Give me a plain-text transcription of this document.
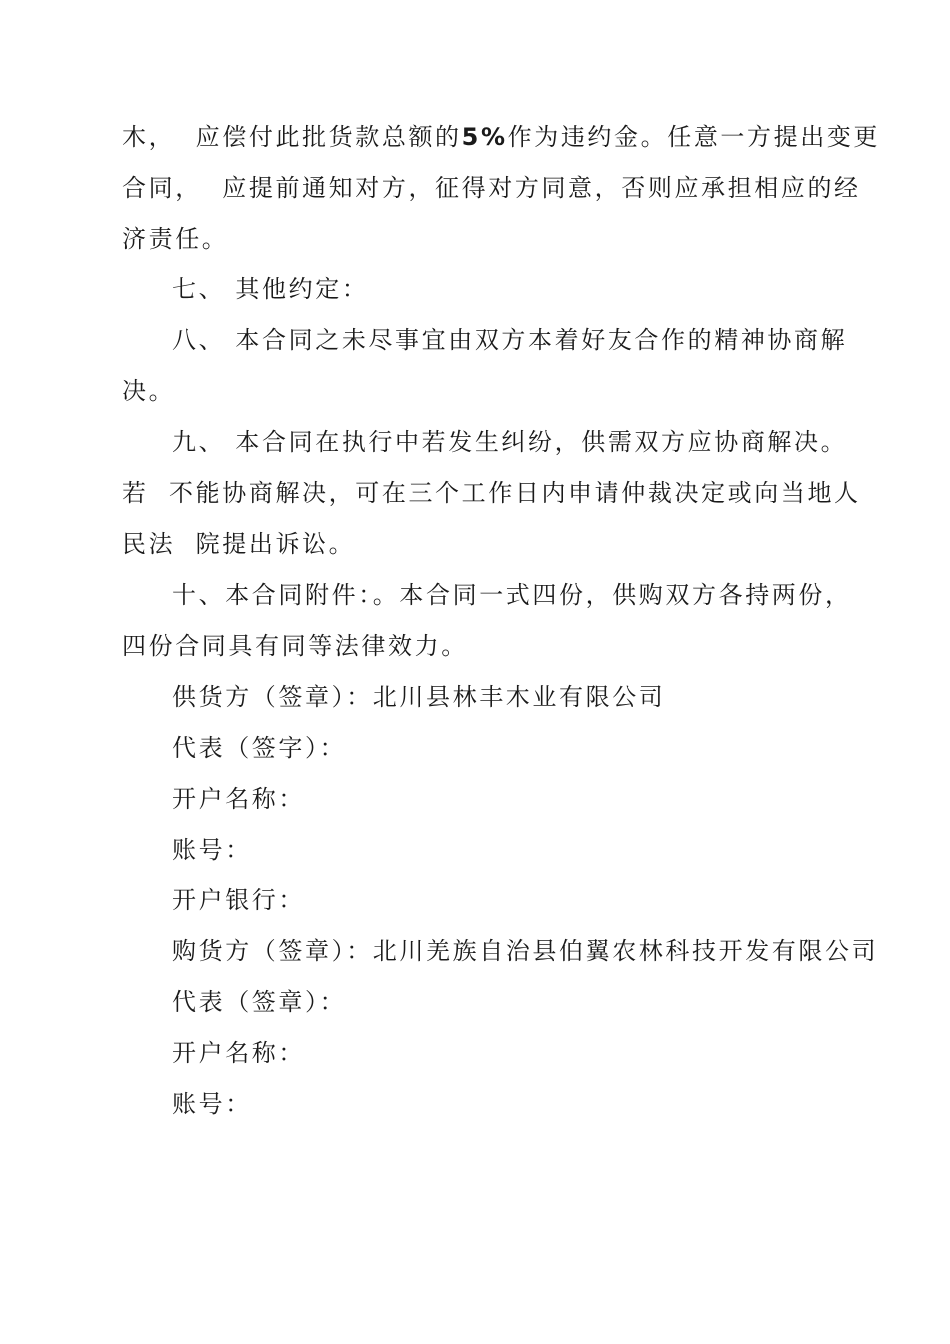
木，  应偿付此批货款总额的5%作为违约金。任意一方提出变更
合同，  应提前通知对方，征得对方同意，否则应承担相应的经
济责任。
七、 其他约定：
八、 本合同之未尽事宜由双方本着好友合作的精神协商解
决。
九、 本合同在执行中若发生纠纷，供需双方应协商解决。
若  不能协商解决，可在三个工作日内申请仲裁决定或向当地人
民法  院提出诉讼。
十、本合同附件：。本合同一式四份，供购双方各持两份，
四份合同具有同等法律效力。
供货方（签章）：北川县林丰木业有限公司
代表（签字）：
开户名称：
账号：
开户银行：
购货方（签章）：北川羌族自治县伯翼农林科技开发有限公司
代表（签章）：
开户名称：
账号：
